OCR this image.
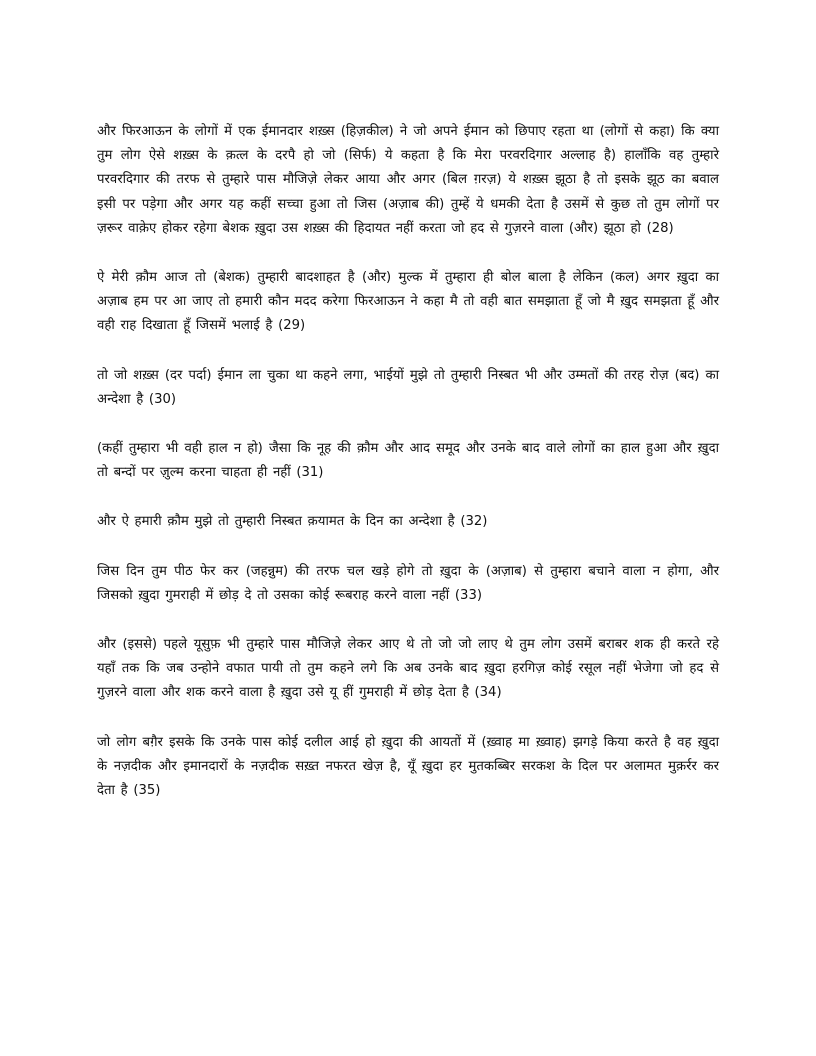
और फिरआऊन के लोगों में एक ईमानदार शख़्स (हिज़कील) ने जो अपने ईमान को छिपाए रहता था (लोगों से कहा) कि क्या तुम लोग ऐसे शख़्स के क़त्ल के दरपै हो जो (सिर्फ) ये कहता है कि मेरा परवरदिगार अल्लाह है) हालाँकि वह तुम्हारे परवरदिगार की तरफ से तुम्हारे पास मौजिज़े लेकर आया और अगर (बिल ग़रज़) ये शख़्स झूठा है तो इसके झूठ का बवाल इसी पर पड़ेगा और अगर यह कहीं सच्चा हुआ तो जिस (अज़ाब की) तुम्हें ये धमकी देता है उसमें से कुछ तो तुम लोगों पर ज़रूर वाक़ेए होकर रहेगा बेशक ख़ुदा उस शख़्स की हिदायत नहीं करता जो हद से गुज़रने वाला (और) झूठा हो (28)

ऐ मेरी क़ौम आज तो (बेशक) तुम्हारी बादशाहत है (और) मुल्क में तुम्हारा ही बोल बाला है लेकिन (कल) अगर ख़ुदा का अज़ाब हम पर आ जाए तो हमारी कौन मदद करेगा फिरआऊन ने कहा मै तो वही बात समझाता हूँ जो मै ख़ुद समझता हूँ और वही राह दिखाता हूँ जिसमें भलाई है (29)

तो जो शख़्स (दर पर्दा) ईमान ला चुका था कहने लगा, भाईयों मुझे तो तुम्हारी निस्बत भी और उम्मतों की तरह रोज़ (बद) का अन्देशा है (30)

(कहीं तुम्हारा भी वही हाल न हो) जैसा कि नूह की क़ौम और आद समूद और उनके बाद वाले लोगों का हाल हुआ और ख़ुदा तो बन्दों पर ज़ुल्म करना चाहता ही नहीं (31)

और ऐ हमारी क़ौम मुझे तो तुम्हारी निस्बत क़यामत के दिन का अन्देशा है (32)

जिस दिन तुम पीठ फेर कर (जहन्नुम) की तरफ चल खड़े होगे तो ख़ुदा के (अज़ाब) से तुम्हारा बचाने वाला न होगा, और जिसको ख़ुदा गुमराही में छोड़ दे तो उसका कोई रूबराह करने वाला नहीं (33)

और (इससे) पहले यूसुफ़ भी तुम्हारे पास मौजिज़े लेकर आए थे तो जो जो लाए थे तुम लोग उसमें बराबर शक ही करते रहे यहाँ तक कि जब उन्होने वफात पायी तो तुम कहने लगे कि अब उनके बाद ख़ुदा हरगिज़ कोई रसूल नहीं भेजेगा जो हद से गुज़रने वाला और शक करने वाला है ख़ुदा उसे यू हीं गुमराही में छोड़ देता है (34)

जो लोग बग़ैर इसके कि उनके पास कोई दलील आई हो ख़ुदा की आयतों में (ख़्वाह मा ख़्वाह) झगड़े किया करते है वह ख़ुदा के नज़दीक और इमानदारों के नज़दीक सख़्त नफरत खेज़ है, यूँ ख़ुदा हर मुतकब्बिर सरकश के दिल पर अलामत मुक़र्रर कर देता है (35)
